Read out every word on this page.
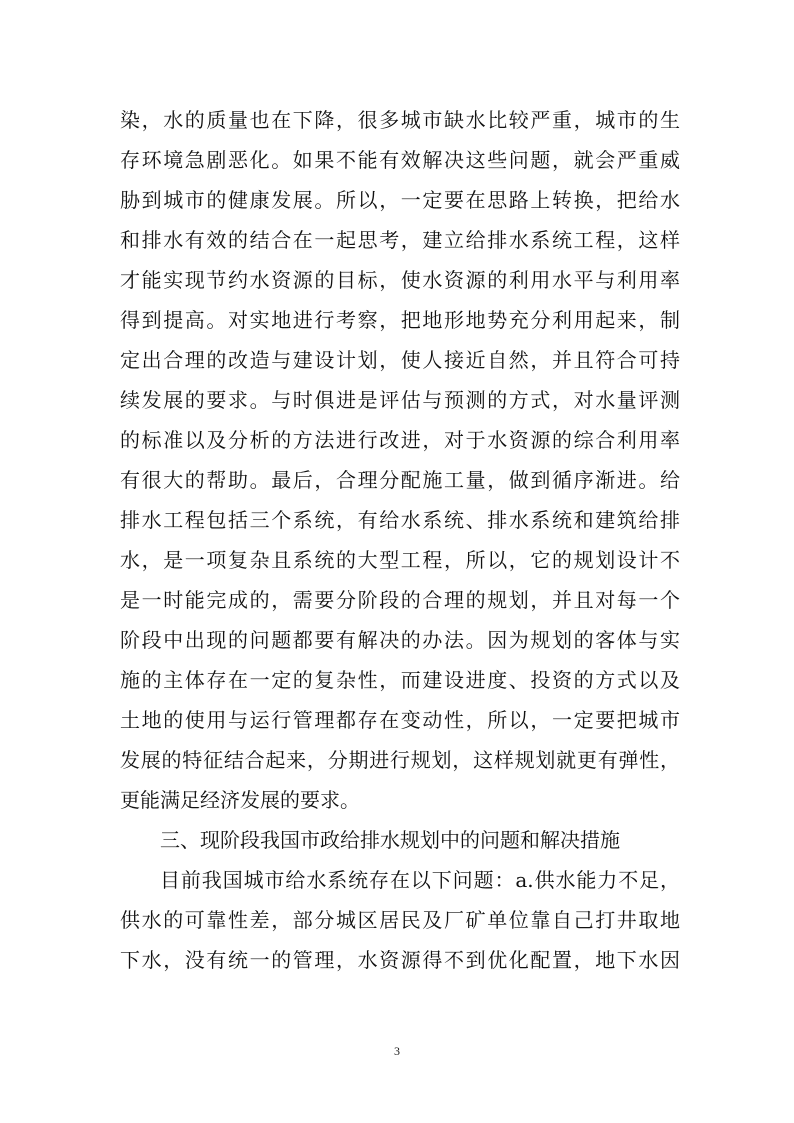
染，水的质量也在下降，很多城市缺水比较严重，城市的生
存环境急剧恶化。如果不能有效解决这些问题，就会严重威
胁到城市的健康发展。所以，一定要在思路上转换，把给水
和排水有效的结合在一起思考，建立给排水系统工程，这样
才能实现节约水资源的目标，使水资源的利用水平与利用率
得到提高。对实地进行考察，把地形地势充分利用起来，制
定出合理的改造与建设计划，使人接近自然，并且符合可持
续发展的要求。与时俱进是评估与预测的方式，对水量评测
的标准以及分析的方法进行改进，对于水资源的综合利用率
有很大的帮助。最后，合理分配施工量，做到循序渐进。给
排水工程包括三个系统，有给水系统、排水系统和建筑给排
水，是一项复杂且系统的大型工程，所以，它的规划设计不
是一时能完成的，需要分阶段的合理的规划，并且对每一个
阶段中出现的问题都要有解决的办法。因为规划的客体与实
施的主体存在一定的复杂性，而建设进度、投资的方式以及
土地的使用与运行管理都存在变动性，所以，一定要把城市
发展的特征结合起来，分期进行规划，这样规划就更有弹性，
更能满足经济发展的要求。
三、现阶段我国市政给排水规划中的问题和解决措施
目前我国城市给水系统存在以下问题：a.供水能力不足，
供水的可靠性差，部分城区居民及厂矿单位靠自己打井取地
下水，没有统一的管理，水资源得不到优化配置，地下水因
3
